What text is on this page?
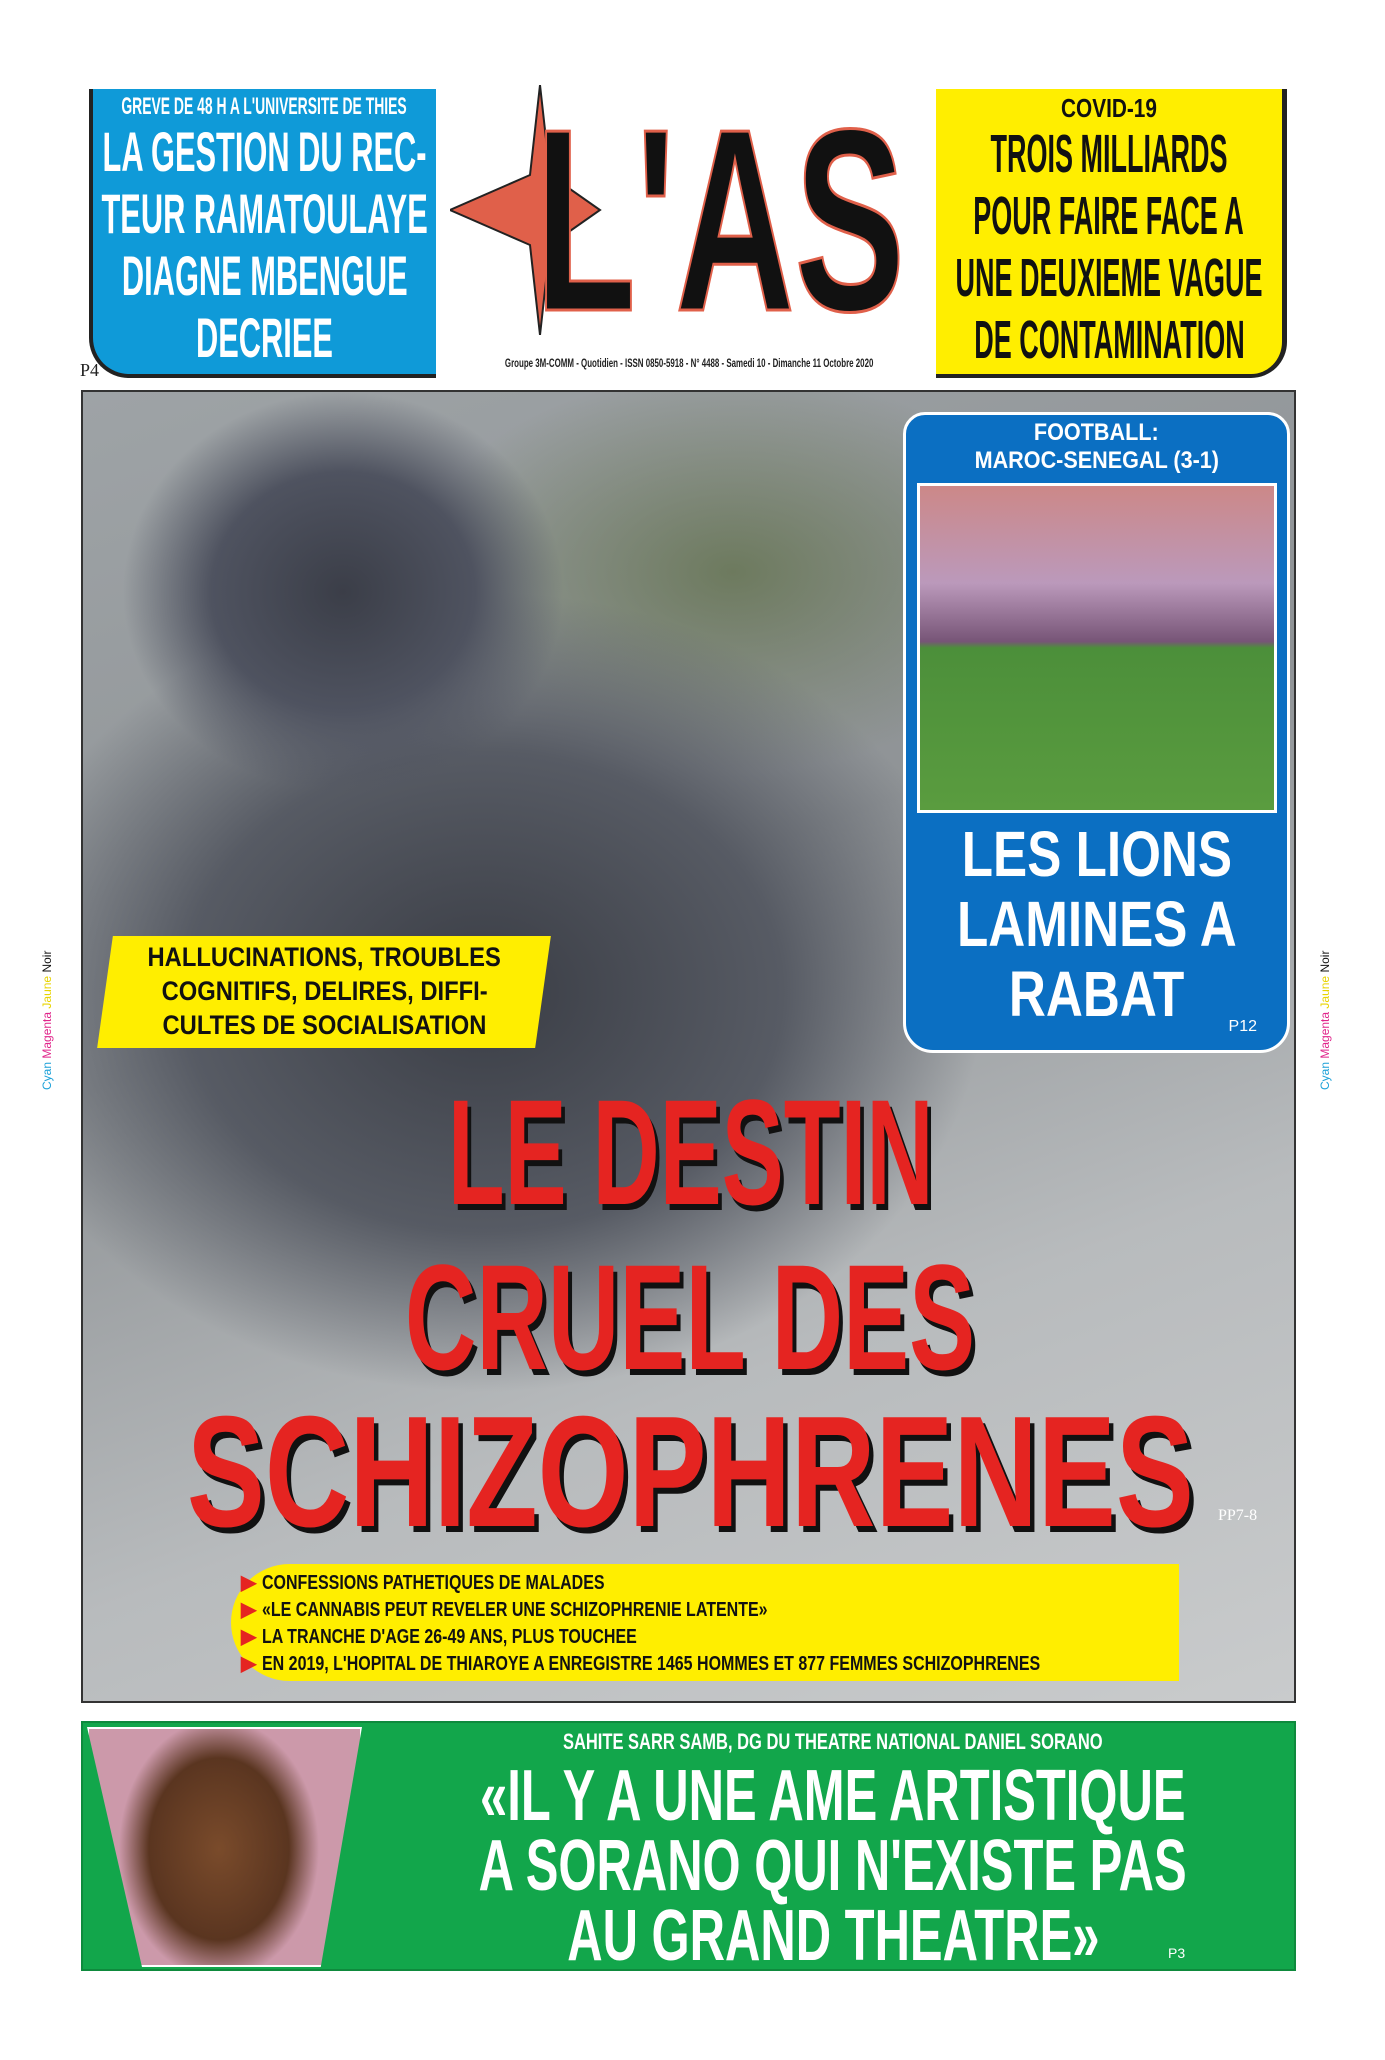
GREVE DE 48 H A L'UNIVERSITE DE THIES
LA GESTION DU REC-
TEUR RAMATOULAYE
DIAGNE MBENGUE
DECRIEE
P4
L'AS
Groupe 3M-COMM - Quotidien - ISSN 0850-5918 - N° 4488 - Samedi 10 - Dimanche 11 Octobre 2020
COVID-19
TROIS MILLIARDS
POUR FAIRE FACE A
UNE DEUXIEME VAGUE
DE CONTAMINATION
FOOTBALL:
MAROC-SENEGAL (3-1)
LES LIONS
LAMINES A
RABAT	P12
HALLUCINATIONS, TROUBLES
COGNITIFS, DELIRES, DIFFI-
CULTES DE SOCIALISATION
LE DESTIN
CRUEL DES
SCHIZOPHRENES PP7-8
▶ CONFESSIONS PATHETIQUES DE MALADES
▶ «LE CANNABIS PEUT REVELER UNE SCHIZOPHRENIE LATENTE»
▶ LA TRANCHE D'AGE 26-49 ANS, PLUS TOUCHEE
▶ EN 2019, L'HOPITAL DE THIAROYE A ENREGISTRE 1465 HOMMES ET 877 FEMMES SCHIZOPHRENES
SAHITE SARR SAMB, DG DU THEATRE NATIONAL DANIEL SORANO
«IL Y A UNE AME ARTISTIQUE
A SORANO QUI N'EXISTE PAS
AU GRAND THEATRE»	P3
Cyan Magenta Jaune Noir
Cyan Magenta Jaune Noir
